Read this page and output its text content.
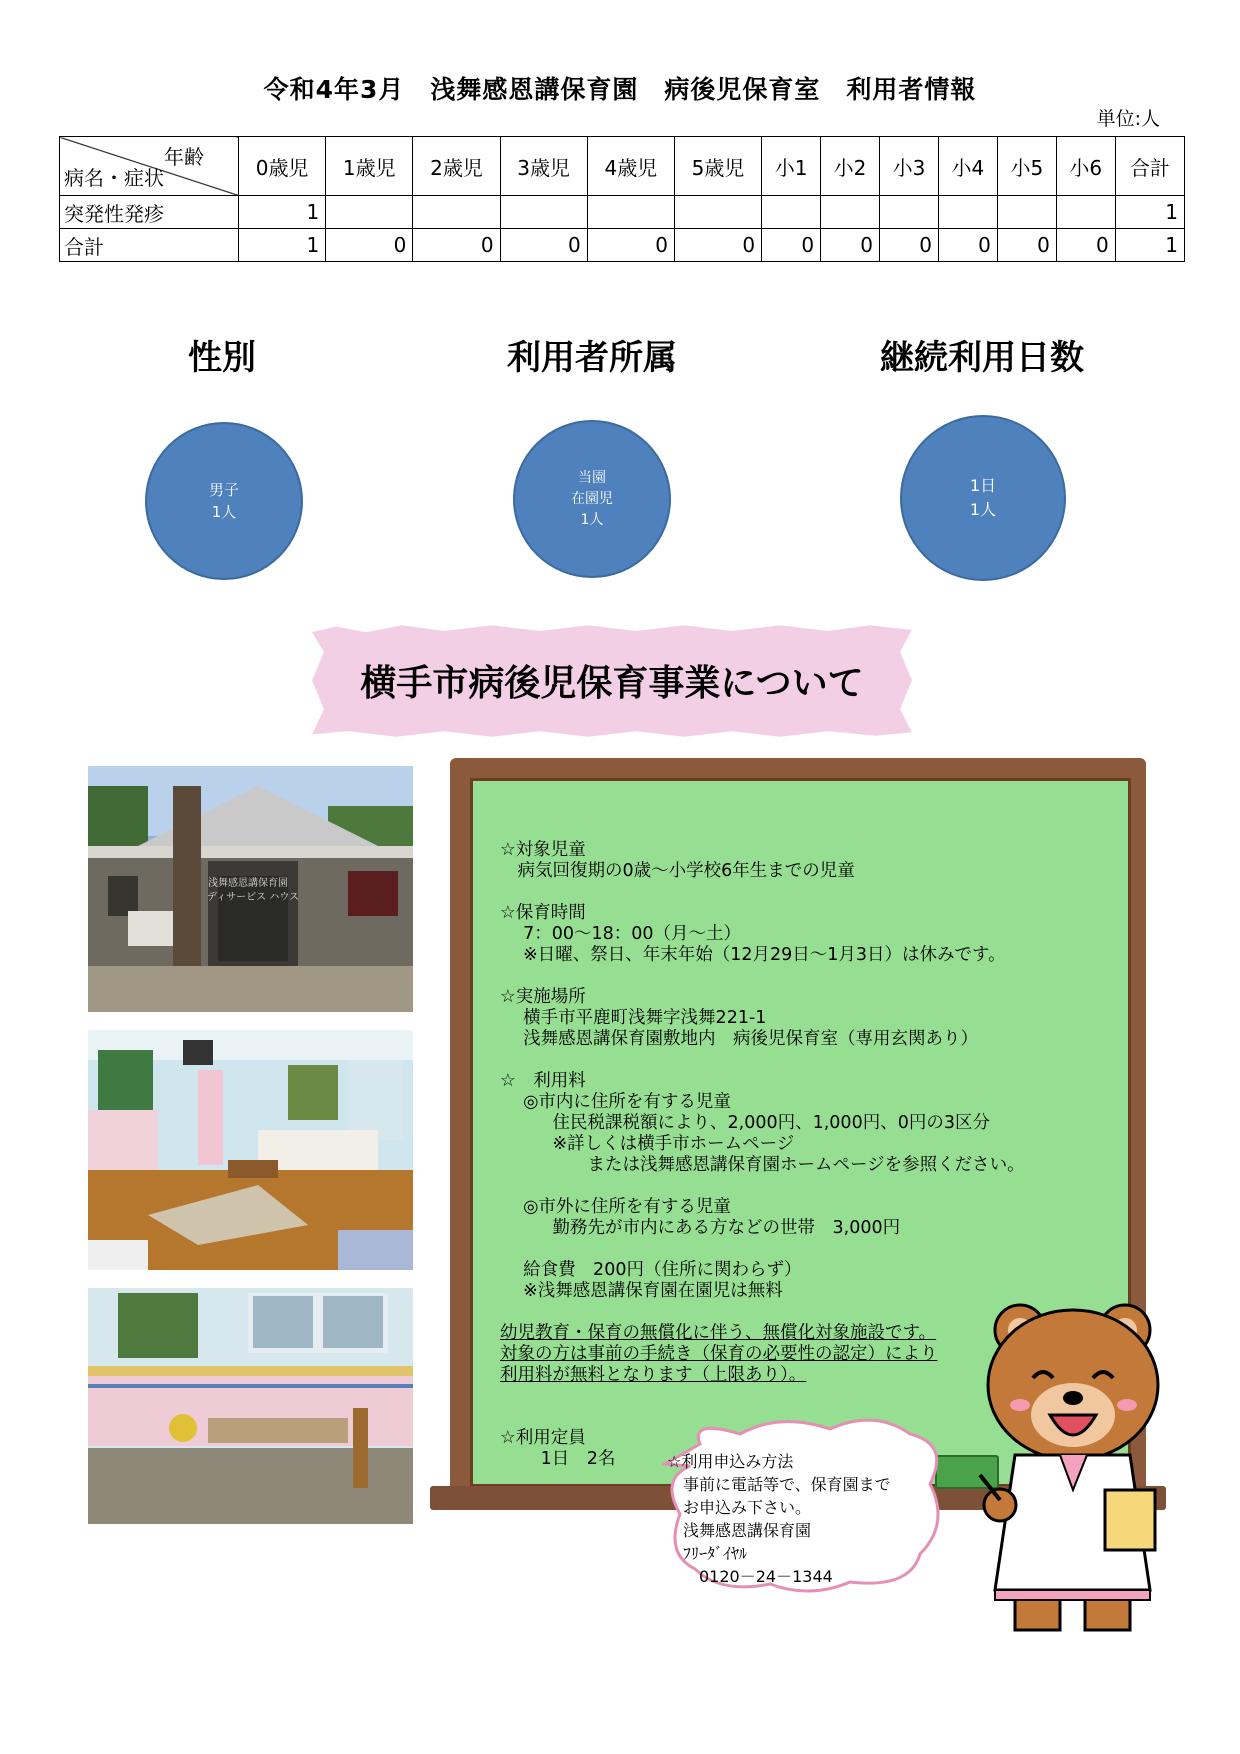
令和4年3月　浅舞感恩講保育園　病後児保育室　利用者情報
単位:人
年齢
病名・症状	0歳児	1歳児	2歳児	3歳児	4歳児	5歳児	小1	小2	小3	小4	小5	小6	合計
突発性発疹	1												1
合計	1	0	0	0	0	0	0	0	0	0	0	0	1
性別	利用者所属	継続利用日数
男子
1人
当園
在園児
1人
1日
1人
横手市病後児保育事業について
浅舞感恩講保育園
ディサービス ハウス
☆対象児童
　病気回復期の0歳～小学校6年生までの児童
☆保育時間
　 7：00～18：00（月～土）
　 ※日曜、祭日、年末年始（12月29日～1月3日）は休みです。
☆実施場所
　 横手市平鹿町浅舞字浅舞221-1
　 浅舞感恩講保育園敷地内　病後児保育室（専用玄関あり）
☆　利用料
　 ◎市内に住所を有する児童
　　　住民税課税額により、2,000円、1,000円、0円の3区分
　　　※詳しくは横手市ホームページ
　　　　　または浅舞感恩講保育園ホームページを参照ください。
　 ◎市外に住所を有する児童
　　　勤務先が市内にある方などの世帯　3,000円
　 給食費　200円（住所に関わらず）
　 ※浅舞感恩講保育園在園児は無料
幼児教育・保育の無償化に伴う、無償化対象施設です。
対象の方は事前の手続き（保育の必要性の認定）により
利用料が無料となります（上限あり）。
☆利用定員
　　 1日　2名	☆利用申込み方法
　事前に電話等で、保育園まで
　お申込み下さい。
　浅舞感恩講保育園
　ﾌﾘｰﾀﾞｲﾔﾙ
　　0120－24－1344
